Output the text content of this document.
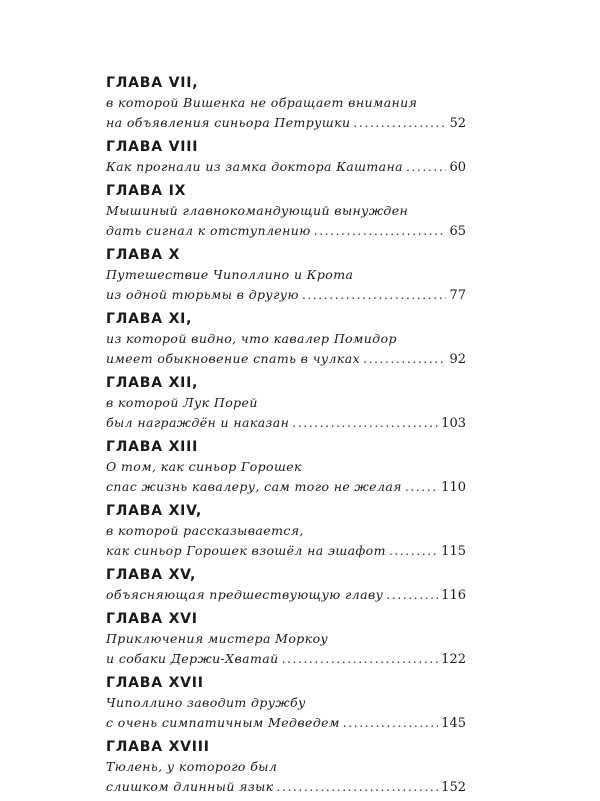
ГЛАВА VII,
в которой Вишенка не обращает внимания
на объявления синьора Петрушки .....	52
ГЛАВА VIII
Как прогнали из замка доктора Каштана .....	60
ГЛАВА IX
Мышиный главнокомандующий вынужден
дать сигнал к отступлению .....	65
ГЛАВА X
Путешествие Чиполлино и Крота
из одной тюрьмы в другую .....	77
ГЛАВА XI,
из которой видно, что кавалер Помидор
имеет обыкновение спать в чулках .....	92
ГЛАВА XII,
в которой Лук Порей
был награждён и наказан .....	103
ГЛАВА XIII
О том, как синьор Горошек
спас жизнь кавалеру, сам того не желая .....	110
ГЛАВА XIV,
в которой рассказывается,
как синьор Горошек взошёл на эшафот .....	115
ГЛАВА XV,
объясняющая предшествующую главу .....	116
ГЛАВА XVI
Приключения мистера Моркоу
и собаки Держи-Хватай .....	122
ГЛАВА XVII
Чиполлино заводит дружбу
с очень симпатичным Медведем .....	145
ГЛАВА XVIII
Тюлень, у которого был
слишком длинный язык .....	152
